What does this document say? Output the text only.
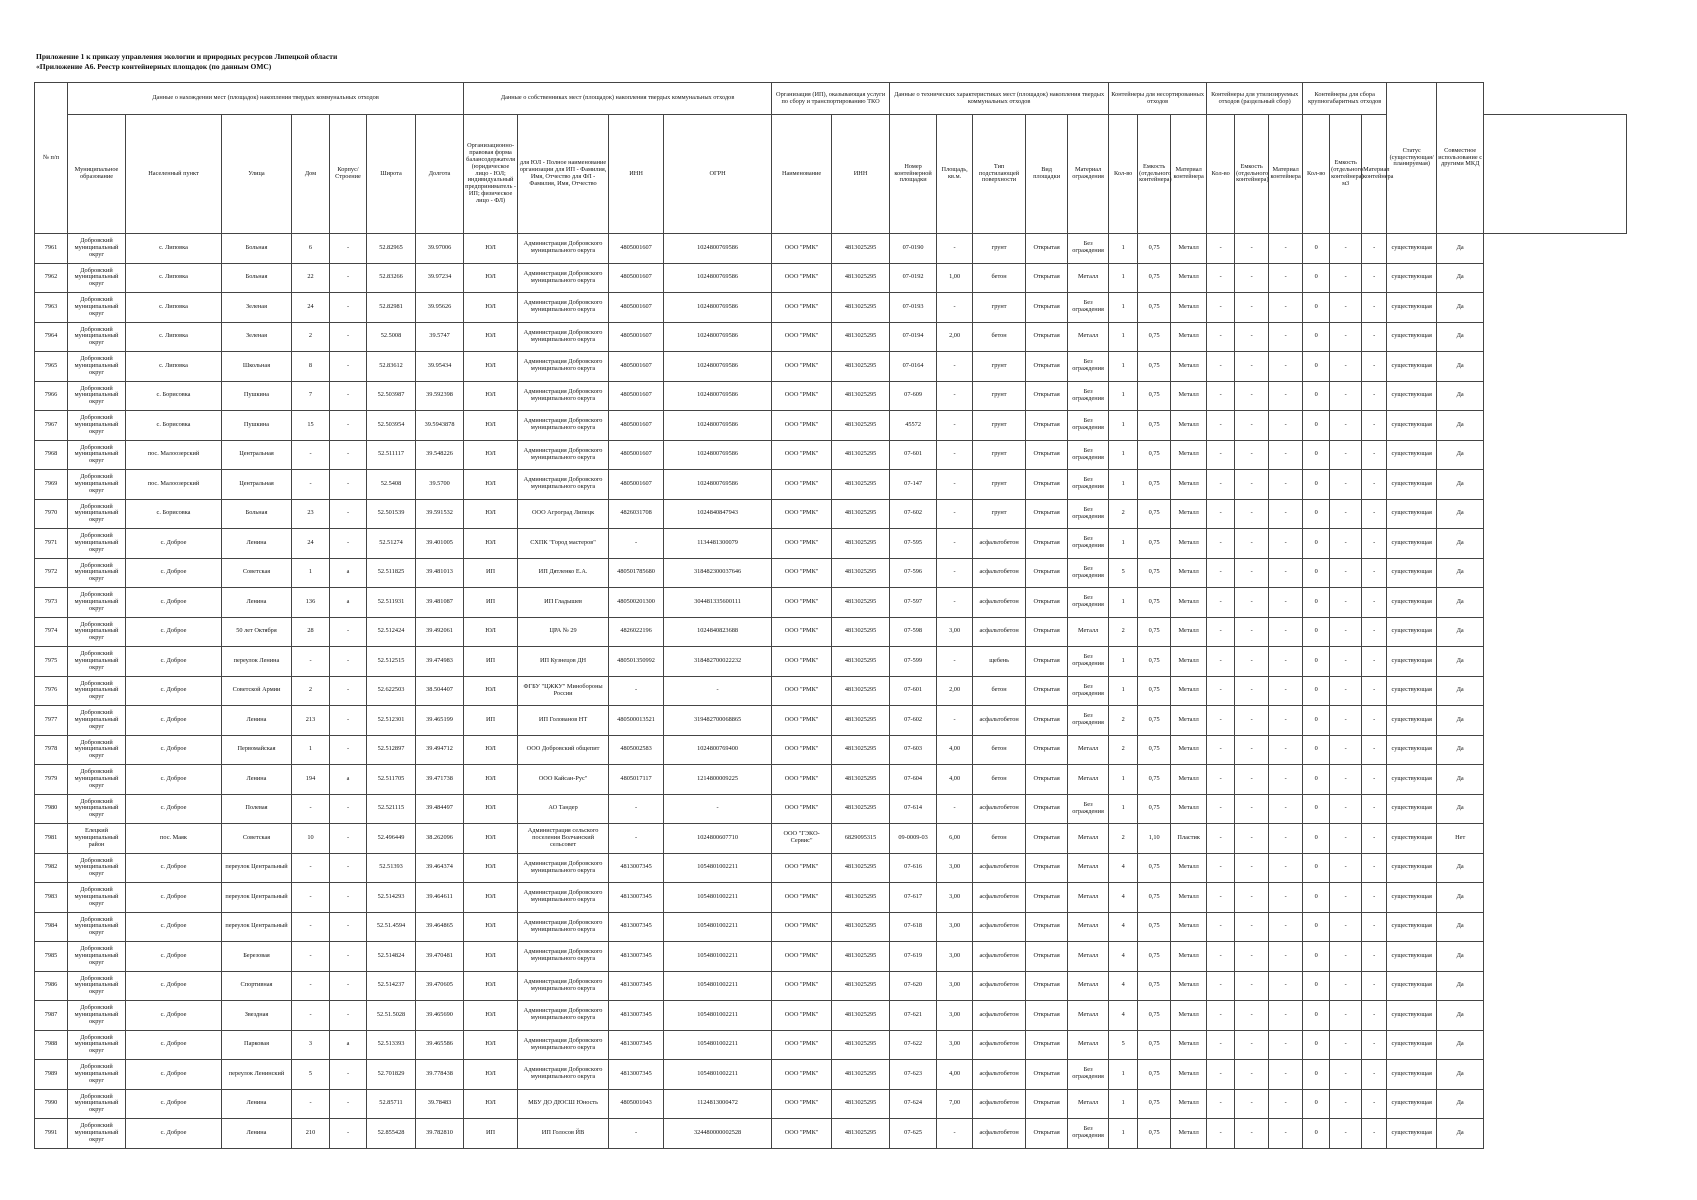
Приложение 1 к приказу управления экологии и природных ресурсов Липецкой области
«Приложение А6. Реестр контейнерных площадок (по данным ОМС)
№ п/п	Данные о нахождении мест (площадок) накопления твердых коммунальных отходов							Данные о собственниках мест (площадок) накопления твердых коммунальных отходов				Организация (ИП), оказывающая услуги по сбору и транспортированию ТКО		Данные о технических характеристиках мест (площадок) накопления твердых коммунальных отходов					Контейнеры для несортированных отходов			Контейнеры для утилизируемых отходов (раздельный сбор)			Контейнеры для сбора крупногабаритных отходов			Статус (существующая/ планируемая)	Совместное использование с другими МКД	
	Муниципальное образование	Населенный пункт	Улица	Дом	Корпус/Строение	Широта	Долгота	Организационно-правовая форма балансодержателя (юридическое лицо - ЮЛ; индивидуальный предприниматель - ИП; физическое лицо - ФЛ)	для ЮЛ - Полное наименование организации для ИП - Фамилия, Имя, Отчество для ФЛ - Фамилия, Имя, Отчество	ИНН	ОГРН	Наименование	ИНН	Номер контейнерной площадки	Площадь, кв.м.	Тип подстилающей поверхности	Вид площадки	Материал ограждения	Кол-во	Емкость (отдельного контейнера)	Материал контейнера	Кол-во	Емкость (отдельного контейнера)	Материал контейнера	Кол-во	Емкость (отдельного контейнера) м3	Материал контейнера			
7961	Добровский муниципальный округ	с. Липовка	Больная	6	-	52.82965	39.97006	ЮЛ	Администрация Добровского муниципального округа	4805001607	1024800769586	ООО "РМК"	4813025295	07-0190	-	грунт	Открытая	Без ограждения	1	0,75	Металл	-	-	-	0	-	-	существующая	Да	
7962	Добровский муниципальный округ	с. Липовка	Больная	22	-	52.83266	39.97234	ЮЛ	Администрация Добровского муниципального округа	4805001607	1024800769586	ООО "РМК"	4813025295	07-0192	1,00	бетон	Открытая	Металл	1	0,75	Металл	-	-	-	0	-	-	существующая	Да	
7963	Добровский муниципальный округ	с. Липовка	Зеленая	24	-	52.82981	39.95626	ЮЛ	Администрация Добровского муниципального округа	4805001607	1024800769586	ООО "РМК"	4813025295	07-0193	-	грунт	Открытая	Без ограждения	1	0,75	Металл	-	-	-	0	-	-	существующая	Да	
7964	Добровский муниципальный округ	с. Липовка	Зеленая	2	-	52.5008	39.5747	ЮЛ	Администрация Добровского муниципального округа	4805001607	1024800769586	ООО "РМК"	4813025295	07-0194	2,00	бетон	Открытая	Металл	1	0,75	Металл	-	-	-	0	-	-	существующая	Да	
7965	Добровский муниципальный округ	с. Липовка	Школьная	8	-	52.83612	39.95434	ЮЛ	Администрация Добровского муниципального округа	4805001607	1024800769586	ООО "РМК"	4813025295	07-0164	-	грунт	Открытая	Без ограждения	1	0,75	Металл	-	-	-	0	-	-	существующая	Да	
7966	Добровский муниципальный округ	с. Борисовка	Пушкина	7	-	52.503987	39.592398	ЮЛ	Администрация Добровского муниципального округа	4805001607	1024800769586	ООО "РМК"	4813025295	07-609	-	грунт	Открытая	Без ограждения	1	0,75	Металл	-	-	-	0	-	-	существующая	Да	
7967	Добровский муниципальный округ	с. Борисовка	Пушкина	15	-	52.503954	39.5943878	ЮЛ	Администрация Добровского муниципального округа	4805001607	1024800769586	ООО "РМК"	4813025295	45572	-	грунт	Открытая	Без ограждения	1	0,75	Металл	-	-	-	0	-	-	существующая	Да	
7968	Добровский муниципальный округ	пос. Малоозерский	Центральная	-	-	52.511117	39.548226	ЮЛ	Администрация Добровского муниципального округа	4805001607	1024800769586	ООО "РМК"	4813025295	07-601	-	грунт	Открытая	Без ограждения	1	0,75	Металл	-	-	-	0	-	-	существующая	Да	
7969	Добровский муниципальный округ	пос. Малоозерский	Центральная	-	-	52.5408	39.5700	ЮЛ	Администрация Добровского муниципального округа	4805001607	1024800769586	ООО "РМК"	4813025295	07-147	-	грунт	Открытая	Без ограждения	1	0,75	Металл	-	-	-	0	-	-	существующая	Да	
7970	Добровский муниципальный округ	с. Борисовка	Больная	23	-	52.501539	39.591532	ЮЛ	ООО Агроград Липецк	4826031708	1024840847943	ООО "РМК"	4813025295	07-602	-	грунт	Открытая	Без ограждения	2	0,75	Металл	-	-	-	0	-	-	существующая	Да	
7971	Добровский муниципальный округ	с. Доброе	Ленина	24	-	52.51274	39.401005	ЮЛ	СХПК "Город мастеров"	-	1134481300079	ООО "РМК"	4813025295	07-595	-	асфальтобетон	Открытая	Без ограждения	1	0,75	Металл	-	-	-	0	-	-	существующая	Да	
7972	Добровский муниципальный округ	с. Доброе	Советская	1	а	52.511825	39.481013	ИП	ИП Дятленко Е.А.	480501785680	318482300037646	ООО "РМК"	4813025295	07-596	-	асфальтобетон	Открытая	Без ограждения	5	0,75	Металл	-	-	-	0	-	-	существующая	Да	
7973	Добровский муниципальный округ	с. Доброе	Ленина	136	а	52.511931	39.481087	ИП	ИП Гладышев	480500201300	304481335600111	ООО "РМК"	4813025295	07-597	-	асфальтобетон	Открытая	Без ограждения	1	0,75	Металл	-	-	-	0	-	-	существующая	Да	
7974	Добровский муниципальный округ	с. Доброе	50 лет Октября	28	-	52.512424	39.492061	ЮЛ	ЦРА № 29	4826022196	1024840823688	ООО "РМК"	4813025295	07-598	3,00	асфальтобетон	Открытая	Металл	2	0,75	Металл	-	-	-	0	-	-	существующая	Да	
7975	Добровский муниципальный округ	с. Доброе	переулок Ленина	-	-	52.512515	39.474983	ИП	ИП Кузнецов ДН	480501350992	318482700022232	ООО "РМК"	4813025295	07-599	-	щебень	Открытая	Без ограждения	1	0,75	Металл	-	-	-	0	-	-	существующая	Да	
7976	Добровский муниципальный округ	с. Доброе	Советской Армии	2	-	52.622503	38.504407	ЮЛ	ФГБУ "ЦЖКУ" Минобороны России	-	-	ООО "РМК"	4813025295	07-601	2,00	бетон	Открытая	Без ограждения	1	0,75	Металл	-	-	-	0	-	-	существующая	Да	
7977	Добровский муниципальный округ	с. Доброе	Ленина	213	-	52.512301	39.465199	ИП	ИП Голованов НТ	480500013521	319482700068865	ООО "РМК"	4813025295	07-602	-	асфальтобетон	Открытая	Без ограждения	2	0,75	Металл	-	-	-	0	-	-	существующая	Да	
7978	Добровский муниципальный округ	с. Доброе	Первомайская	1	-	52.512897	39.494712	ЮЛ	ООО Добровский общепит	4805002583	1024800769400	ООО "РМК"	4813025295	07-603	4,00	бетон	Открытая	Металл	2	0,75	Металл	-	-	-	0	-	-	существующая	Да	
7979	Добровский муниципальный округ	с. Доброе	Ленина	194	а	52.511705	39.471738	ЮЛ	ООО Кайсан-Рус"	4805017117	1214800009225	ООО "РМК"	4813025295	07-604	4,00	бетон	Открытая	Металл	1	0,75	Металл	-	-	-	0	-	-	существующая	Да	
7980	Добровский муниципальный округ	с. Доброе	Полевая	-	-	52.521115	39.484497	ЮЛ	АО Тандер	-	-	ООО "РМК"	4813025295	07-614	-	асфальтобетон	Открытая	Без ограждения	1	0,75	Металл	-	-	-	0	-	-	существующая	Да	
7981	Елецкий муниципальный район	пос. Маяк	Советская	10	-	52.496449	38.262096	ЮЛ	Администрация сельского поселения Волчанский сельсовет	-	1024800607710	ООО "ГЭКО-Сервис"	6829095315	09-0009-03	6,00	бетон	Открытая	Металл	2	1,10	Пластик	-	-	-	0	-	-	существующая	Нет	
7982	Добровский муниципальный округ	с. Доброе	переулок Центральный	-	-	52.51393	39.464374	ЮЛ	Администрация Добровского муниципального округа	4813007345	1054801002211	ООО "РМК"	4813025295	07-616	3,00	асфальтобетон	Открытая	Металл	4	0,75	Металл	-	-	-	0	-	-	существующая	Да	
7983	Добровский муниципальный округ	с. Доброе	переулок Центральный	-	-	52.514293	39.464611	ЮЛ	Администрация Добровского муниципального округа	4813007345	1054801002211	ООО "РМК"	4813025295	07-617	3,00	асфальтобетон	Открытая	Металл	4	0,75	Металл	-	-	-	0	-	-	существующая	Да	
7984	Добровский муниципальный округ	с. Доброе	переулок Центральный	-	-	52.51.4594	39.464865	ЮЛ	Администрация Добровского муниципального округа	4813007345	1054801002211	ООО "РМК"	4813025295	07-618	3,00	асфальтобетон	Открытая	Металл	4	0,75	Металл	-	-	-	0	-	-	существующая	Да	
7985	Добровский муниципальный округ	с. Доброе	Березовая	-	-	52.514824	39.470481	ЮЛ	Администрация Добровского муниципального округа	4813007345	1054801002211	ООО "РМК"	4813025295	07-619	3,00	асфальтобетон	Открытая	Металл	4	0,75	Металл	-	-	-	0	-	-	существующая	Да	
7986	Добровский муниципальный округ	с. Доброе	Спортивная	-	-	52.514237	39.470605	ЮЛ	Администрация Добровского муниципального округа	4813007345	1054801002211	ООО "РМК"	4813025295	07-620	3,00	асфальтобетон	Открытая	Металл	4	0,75	Металл	-	-	-	0	-	-	существующая	Да	
7987	Добровский муниципальный округ	с. Доброе	Звездная	-	-	52.51.5028	39.465690	ЮЛ	Администрация Добровского муниципального округа	4813007345	1054801002211	ООО "РМК"	4813025295	07-621	3,00	асфальтобетон	Открытая	Металл	4	0,75	Металл	-	-	-	0	-	-	существующая	Да	
7988	Добровский муниципальный округ	с. Доброе	Парковая	3	а	52.513393	39.465586	ЮЛ	Администрация Добровского муниципального округа	4813007345	1054801002211	ООО "РМК"	4813025295	07-622	3,00	асфальтобетон	Открытая	Металл	5	0,75	Металл	-	-	-	0	-	-	существующая	Да	
7989	Добровский муниципальный округ	с. Доброе	переулок Ленинский	5	-	52.701829	39.778438	ЮЛ	Администрация Добровского муниципального округа	4813007345	1054801002211	ООО "РМК"	4813025295	07-623	4,00	асфальтобетон	Открытая	Без ограждения	1	0,75	Металл	-	-	-	0	-	-	существующая	Да	
7990	Добровский муниципальный округ	с. Доброе	Ленина	-	-	52.85711	39.78483	ЮЛ	МБУ ДО ДЮСШ Юность	4805001043	1124813000472	ООО "РМК"	4813025295	07-624	7,00	асфальтобетон	Открытая	Металл	1	0,75	Металл	-	-	-	0	-	-	существующая	Да	
7991	Добровский муниципальный округ	с. Доброе	Ленина	210	-	52.855428	39.782810	ИП	ИП Голосов ЙВ	-	324480000002528	ООО "РМК"	4813025295	07-625	-	асфальтобетон	Открытая	Без ограждения	1	0,75	Металл	-	-	-	0	-	-	существующая	Да	
